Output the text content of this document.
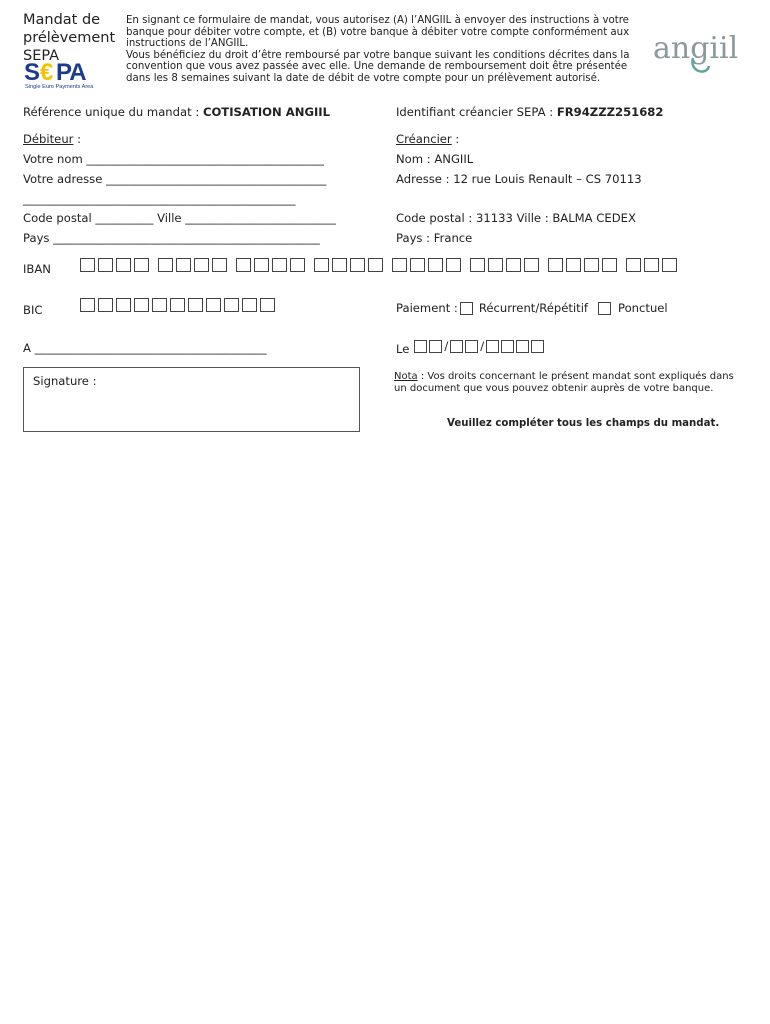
Mandat de
prélèvement
SEPA
S € PA
Single Euro Payments Area

En signant ce formulaire de mandat, vous autorisez (A) l’ANGIIL à envoyer des instructions à votre banque pour débiter votre compte, et (B) votre banque à débiter votre compte conformément aux instructions de l’ANGIIL.

Vous bénéficiez du droit d’être remboursé par votre banque suivant les conditions décrites dans la convention que vous avez passée avec elle. Une demande de remboursement doit être présentée dans les 8 semaines suivant la date de débit de votre compte pour un prélèvement autorisé.

angiil
Référence unique du mandat : COTISATION ANGIIL	Identifiant créancier SEPA : FR94ZZZ251682
Débiteur :
Votre nom _________________________________________
Votre adresse ______________________________________
_______________________________________________
Code postal __________ Ville __________________________
Pays ______________________________________________
Créancier :
Nom : ANGIIL
Adresse : 12 rue Louis Renault – CS 70113
Code postal : 31133 Ville : BALMA CEDEX
Pays : France
IBAN
BIC	Paiement : Récurrent/Répétitif	Ponctuel
A ________________________________________	Le	/	/
Signature :	Nota : Vos droits concernant le présent mandat sont expliqués dans un document que vous pouvez obtenir auprès de votre banque.
Veuillez compléter tous les champs du mandat.
